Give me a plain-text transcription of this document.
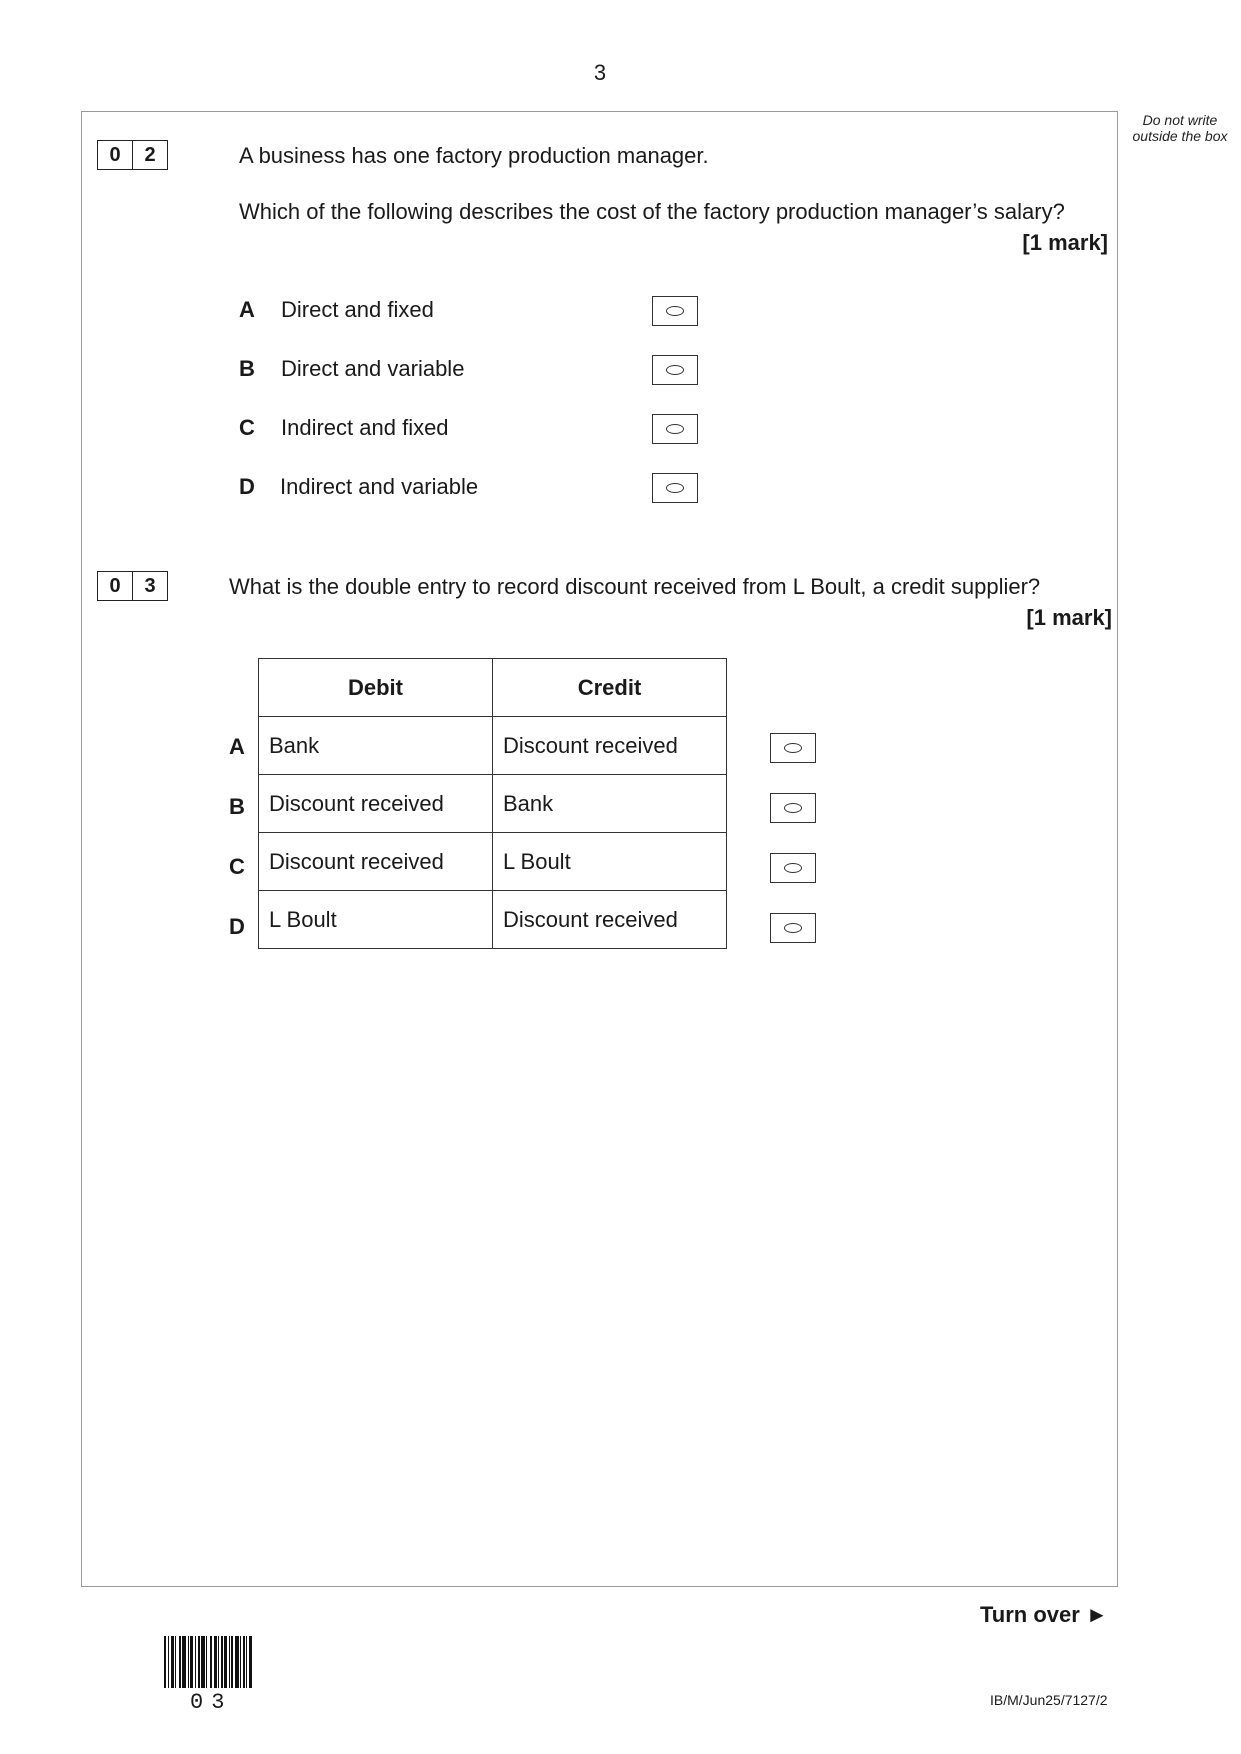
3
Do not write outside the box
0	2	A business has one factory production manager.
Which of the following describes the cost of the factory production manager’s salary?
[1 mark]
A Direct and fixed
B Direct and variable
C Indirect and fixed
D Indirect and variable
0	3	What is the double entry to record discount received from L Boult, a credit supplier?
[1 mark]
Debit	Credit
Bank	Discount received
Discount received	Bank
Discount received	L Boult
L Boult	Discount received
A
B
C
D
Turn over ►
03	IB/M/Jun25/7127/2
